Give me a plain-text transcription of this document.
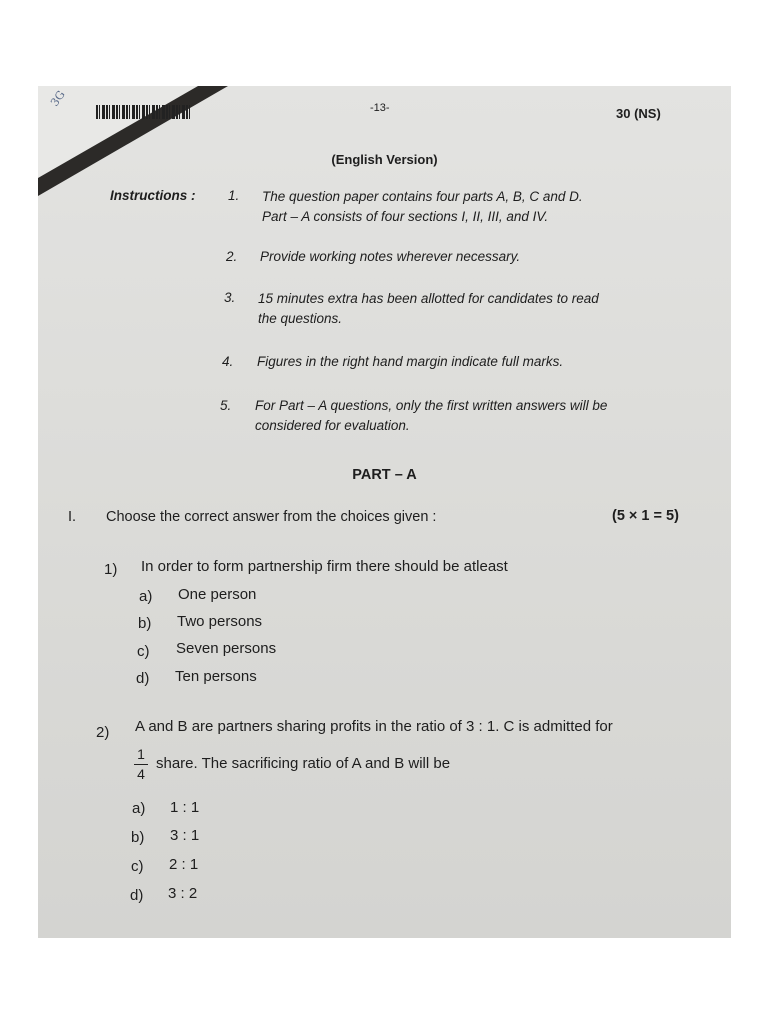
3G	-13-	30 (NS)
(English Version)
Instructions : 1. The question paper contains four parts A, B, C and D.
Part – A consists of four sections I, II, III, and IV.
2. Provide working notes wherever necessary.
3. 15 minutes extra has been allotted for candidates to read
the questions.
4. Figures in the right hand margin indicate full marks.
5. For Part – A questions, only the first written answers will be
considered for evaluation.
PART – A
I. Choose the correct answer from the choices given :	(5 × 1 = 5)
1) In order to form partnership firm there should be atleast
a) One person
b) Two persons
c) Seven persons
d) Ten persons
2) A and B are partners sharing profits in the ratio of 3 : 1. C is admitted for
1
4
share. The sacrificing ratio of A and B will be
a) 1 : 1
b) 3 : 1
c) 2 : 1
d) 3 : 2
